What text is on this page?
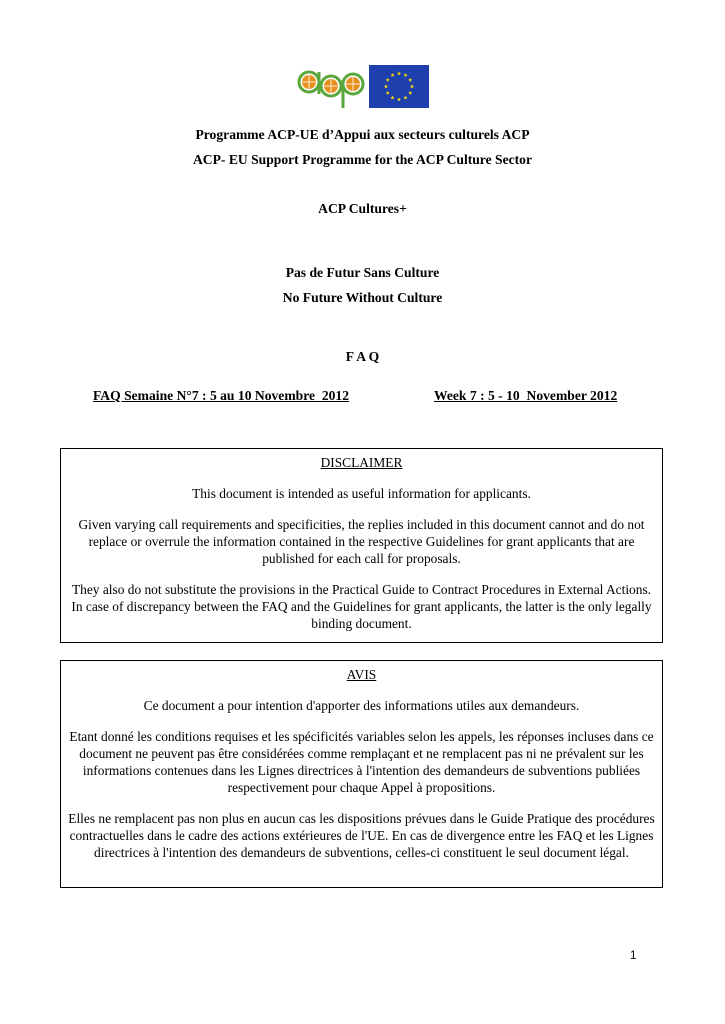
Programme ACP-UE d’Appui aux secteurs culturels ACP
ACP- EU Support Programme for the ACP Culture Sector
ACP Cultures+
Pas de Futur Sans Culture
No Future Without Culture
F A Q
FAQ Semaine N°7 : 5 au 10 Novembre  2012	Week 7 : 5 - 10  November 2012

DISCLAIMER

This document is intended as useful information for applicants.

Given varying call requirements and specificities, the replies included in this document cannot and do not replace or overrule the information contained in the respective Guidelines for grant applicants that are published for each call for proposals.

They also do not substitute the provisions in the Practical Guide to Contract Procedures in External Actions. In case of discrepancy between the FAQ and the Guidelines for grant applicants, the latter is the only legally binding document.

AVIS

Ce document a pour intention d'apporter des informations utiles aux demandeurs.

Etant donné les conditions requises et les spécificités variables selon les appels, les réponses incluses dans ce document ne peuvent pas être considérées comme remplaçant et ne remplacent pas ni ne prévalent sur les informations contenues dans les Lignes directrices à l'intention des demandeurs de subventions publiées respectivement pour chaque Appel à propositions.

Elles ne remplacent pas non plus en aucun cas les dispositions prévues dans le Guide Pratique des procédures contractuelles dans le cadre des actions extérieures de l'UE. En cas de divergence entre les FAQ et les Lignes directrices à l'intention des demandeurs de subventions, celles-ci constituent le seul document légal.

1
